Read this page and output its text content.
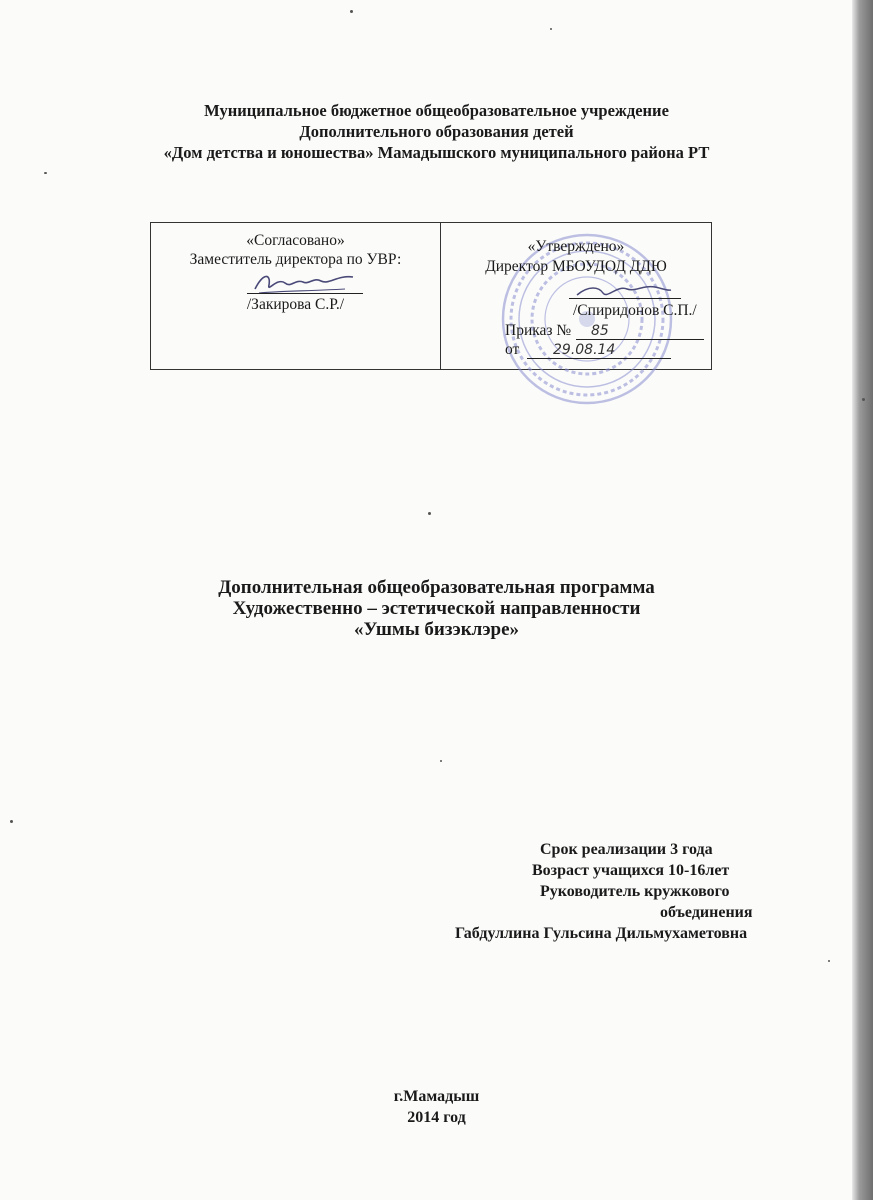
Муниципальное бюджетное общеобразовательное учреждение
Дополнительного образования детей
«Дом детства и юношества» Мамадышского муниципального района РТ
«Согласовано»
Заместитель директора по УВР:
/Закирова С.Р./
«Утверждено»
Директор МБОУДОД ДДЮ
/Спиридонов С.П./
Приказ № 85
от 29.08.14
Дополнительная общеобразовательная программа
Художественно – эстетической направленности
«Ушмы бизэклэре»
Срок реализации 3 года
Возраст учащихся 10-16лет
Руководитель кружкового
объединения
Габдуллина Гульсина Дильмухаметовна
г.Мамадыш
2014 год
